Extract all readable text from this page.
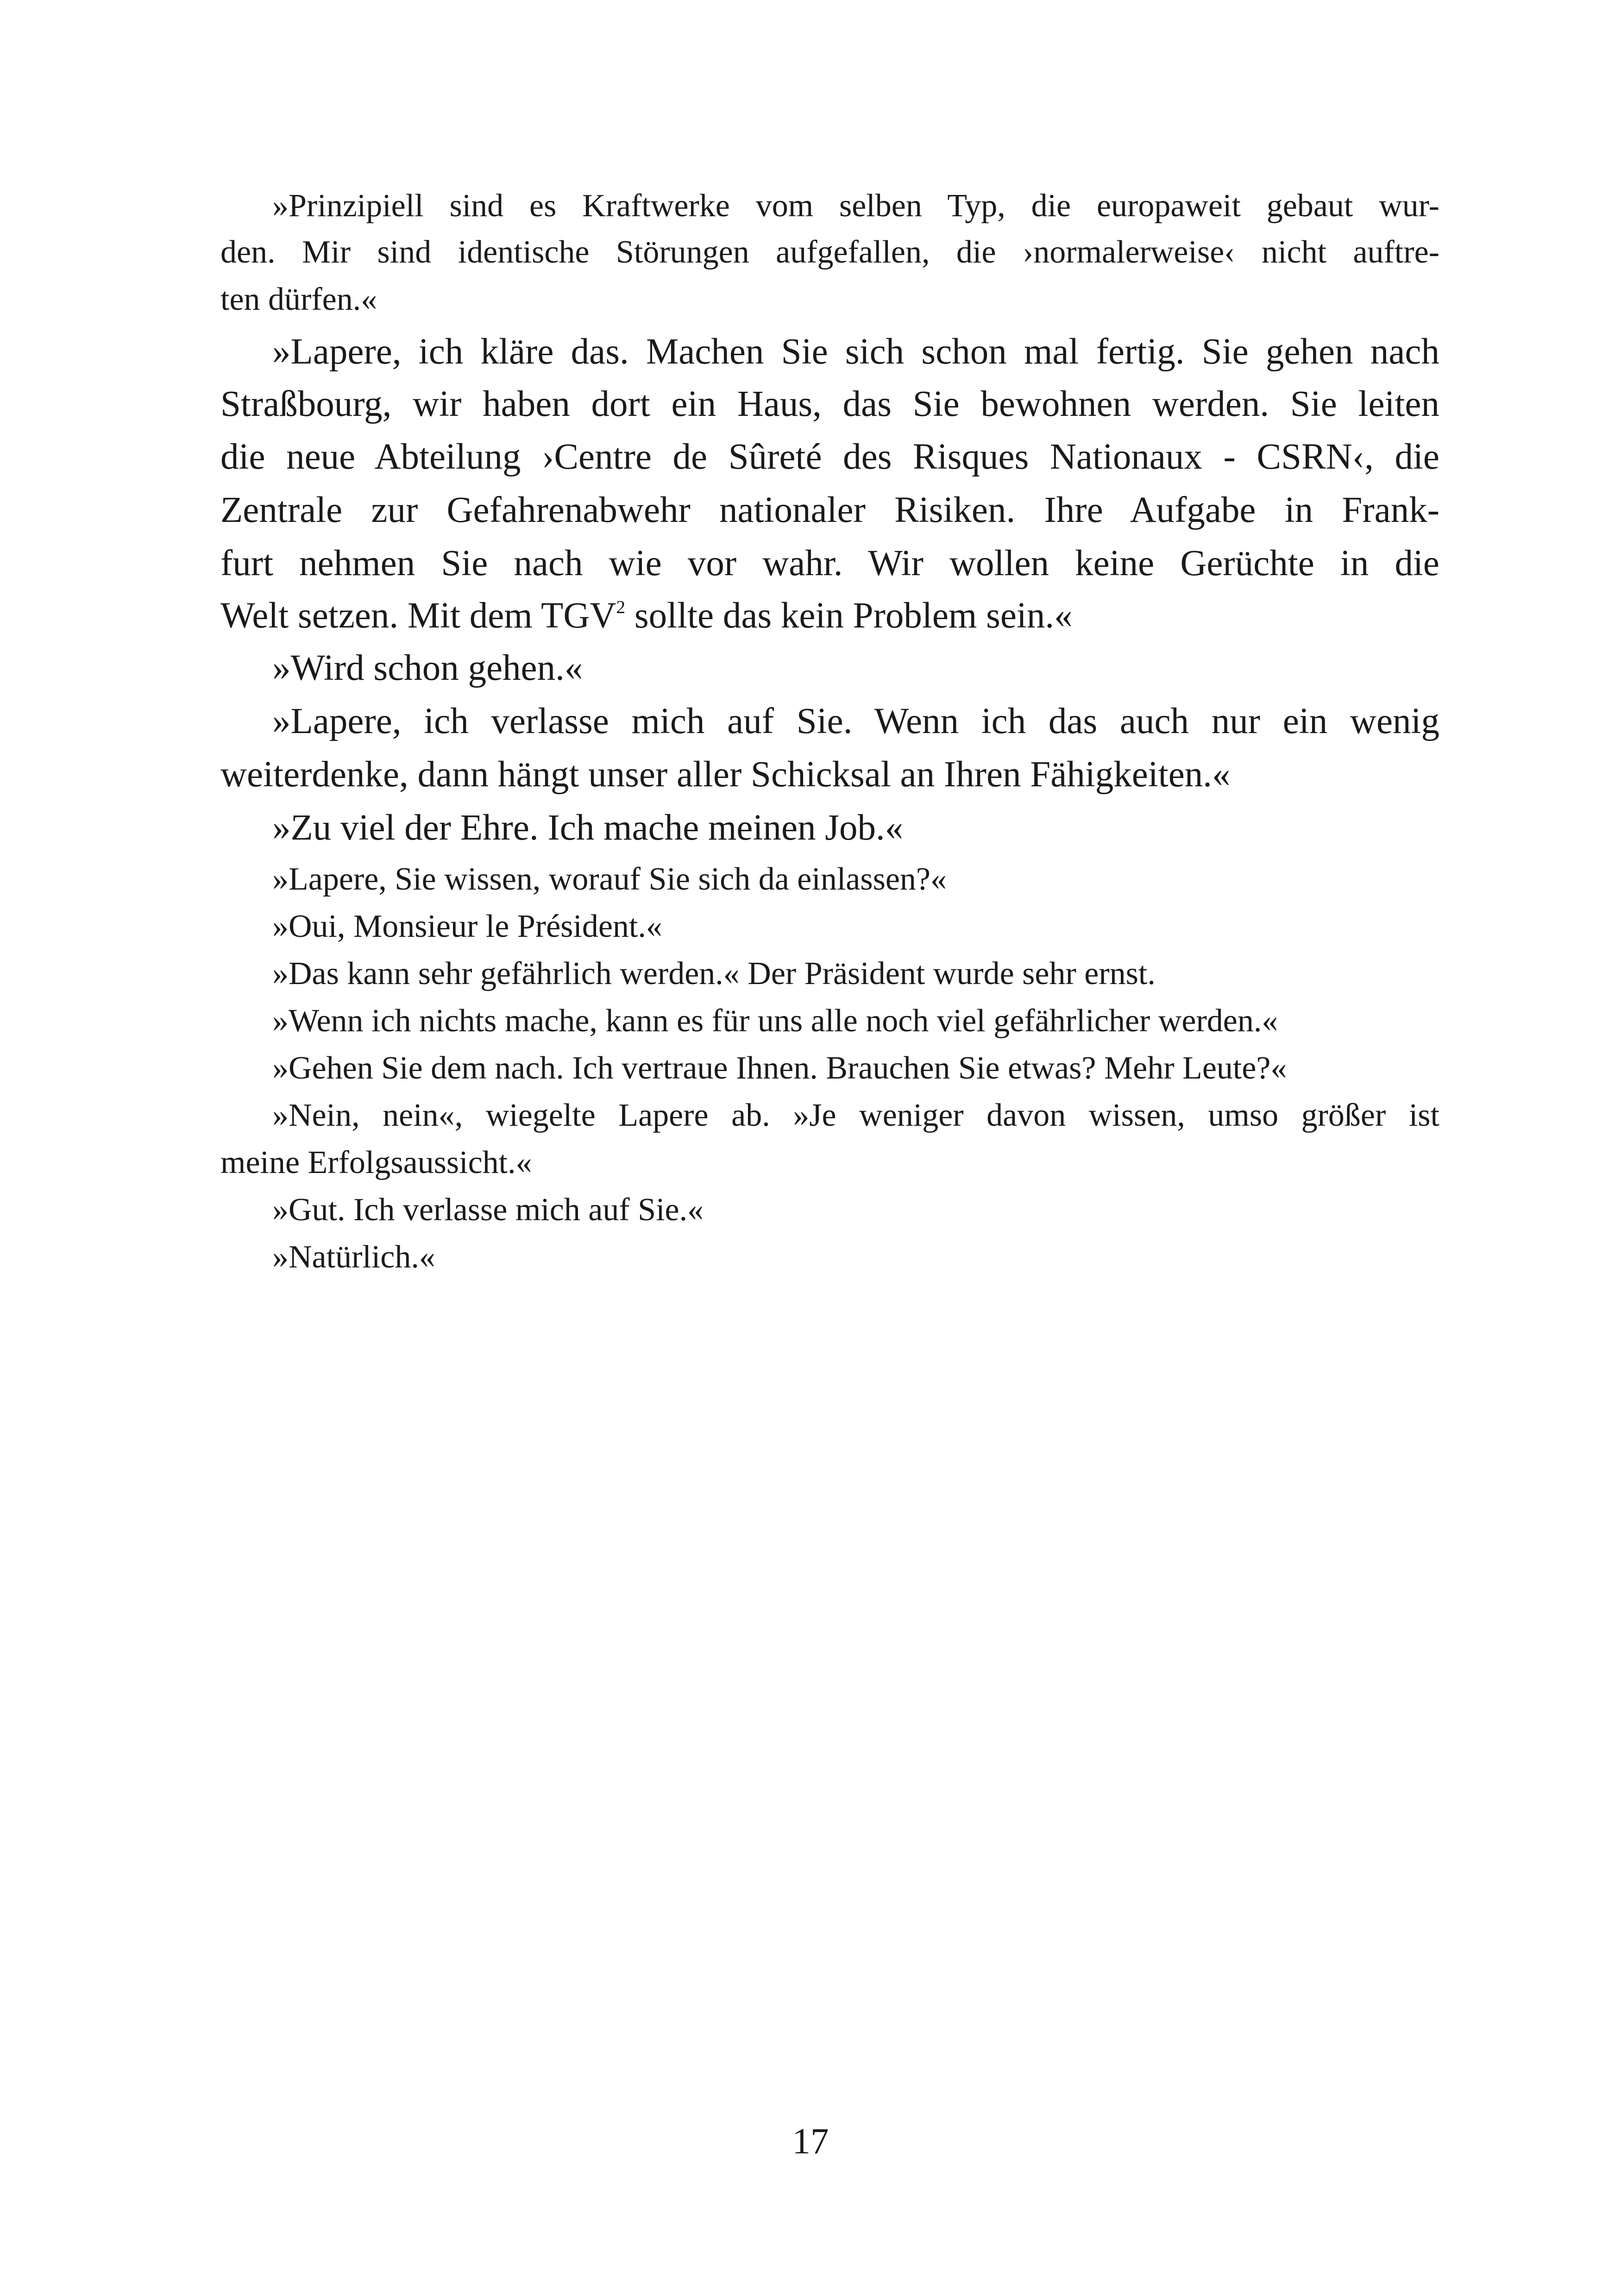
»Prinzipiell sind es Kraftwerke vom selben Typ, die europaweit gebaut wur-
den. Mir sind identische Störungen aufgefallen, die ›normalerweise‹ nicht auftre-
ten dürfen.«
»Lapere, ich kläre das. Machen Sie sich schon mal fertig. Sie gehen nach
Straßbourg, wir haben dort ein Haus, das Sie bewohnen werden. Sie leiten
die neue Abteilung ›Centre de Sûreté des Risques Nationaux - CSRN‹, die
Zentrale zur Gefahrenabwehr nationaler Risiken. Ihre Aufgabe in Frank-
furt nehmen Sie nach wie vor wahr. Wir wollen keine Gerüchte in die
Welt setzen. Mit dem TGV$^2$ sollte das kein Problem sein.«
»Wird schon gehen.«
»Lapere, ich verlasse mich auf Sie. Wenn ich das auch nur ein wenig
weiterdenke, dann hängt unser aller Schicksal an Ihren Fähigkeiten.«
»Zu viel der Ehre. Ich mache meinen Job.«
»Lapere, Sie wissen, worauf Sie sich da einlassen?«
»Oui, Monsieur le Président.«
»Das kann sehr gefährlich werden.« Der Präsident wurde sehr ernst.
»Wenn ich nichts mache, kann es für uns alle noch viel gefährlicher werden.«
»Gehen Sie dem nach. Ich vertraue Ihnen. Brauchen Sie etwas? Mehr Leute?«
»Nein, nein«, wiegelte Lapere ab. »Je weniger davon wissen, umso größer ist
meine Erfolgsaussicht.«
»Gut. Ich verlasse mich auf Sie.«
»Natürlich.«
17
